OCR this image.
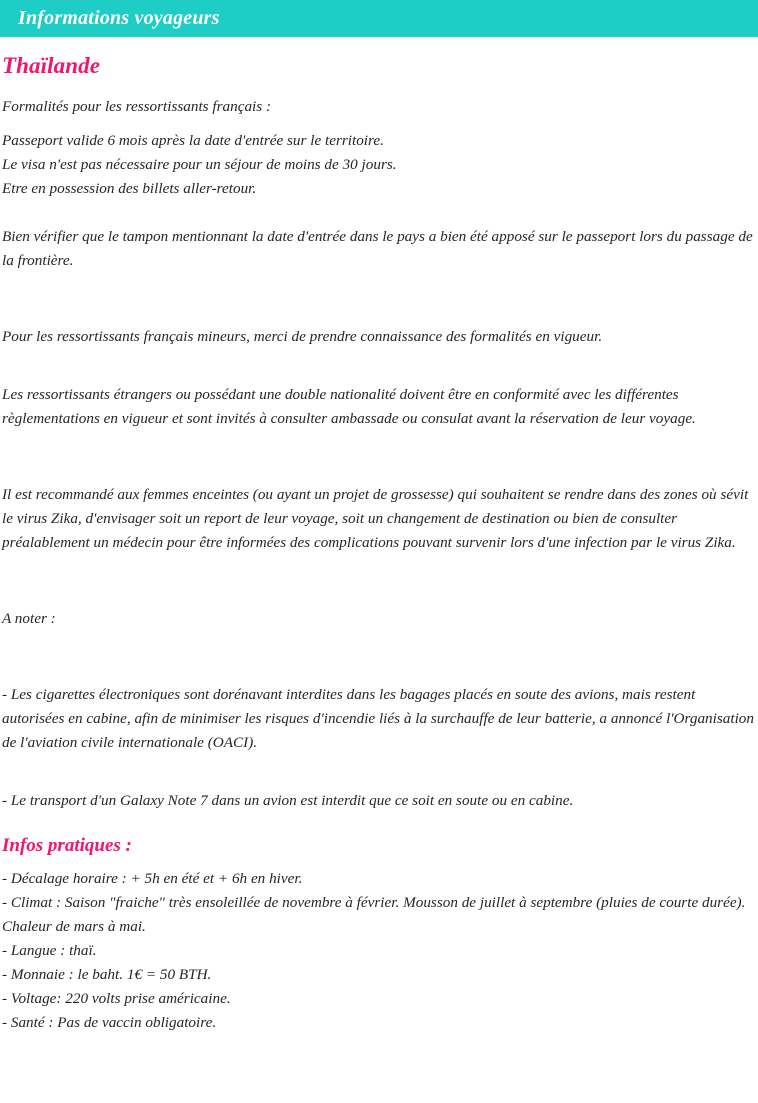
Informations voyageurs
Thaïlande

Formalités pour les ressortissants français :

Passeport valide 6 mois après la date d'entrée sur le territoire.

Le visa n'est pas nécessaire pour un séjour de moins de 30 jours.

Etre en possession des billets aller-retour.

Bien vérifier que le tampon mentionnant la date d'entrée dans le pays a bien été apposé sur le passeport lors du passage de la frontière.

Pour les ressortissants français mineurs, merci de prendre connaissance des formalités en vigueur.

Les ressortissants étrangers ou possédant une double nationalité doivent être en conformité avec les différentes règlementations en vigueur et sont invités à consulter ambassade ou consulat avant la réservation de leur voyage.

Il est recommandé aux femmes enceintes (ou ayant un projet de grossesse) qui souhaitent se rendre dans des zones où sévit le virus Zika, d'envisager soit un report de leur voyage, soit un changement de destination ou bien de consulter préalablement un médecin pour être informées des complications pouvant survenir lors d'une infection par le virus Zika.

A noter :

- Les cigarettes électroniques sont dorénavant interdites dans les bagages placés en soute des avions, mais restent autorisées en cabine, afin de minimiser les risques d'incendie liés à la surchauffe de leur batterie, a annoncé l'Organisation de l'aviation civile internationale (OACI).

- Le transport d'un Galaxy Note 7 dans un avion est interdit que ce soit en soute ou en cabine.

Infos pratiques :

- Décalage horaire : + 5h en été et + 6h en hiver.

- Climat : Saison "fraiche" très ensoleillée de novembre à février. Mousson de juillet à septembre (pluies de courte durée). Chaleur de mars à mai.

- Langue : thaï.

- Monnaie : le baht. 1€ = 50 BTH.

- Voltage: 220 volts prise américaine.

- Santé : Pas de vaccin obligatoire.
